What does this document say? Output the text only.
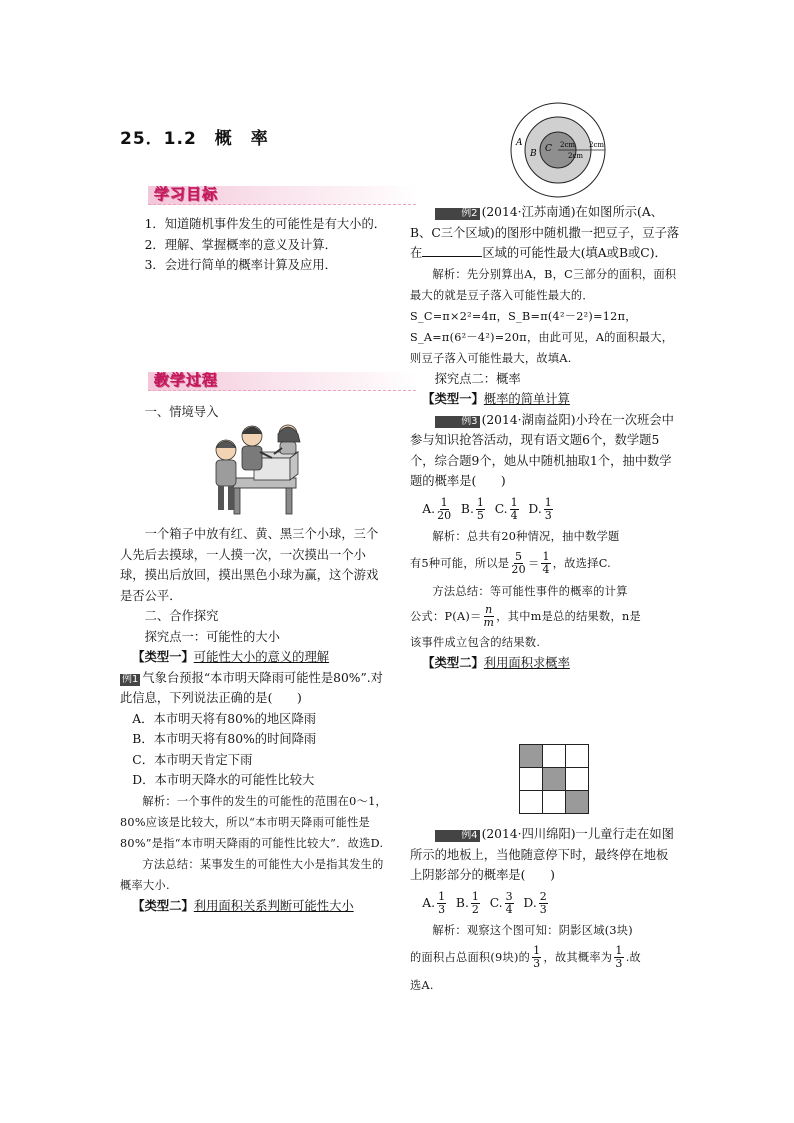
25．1.2　概　率
学习目标

1．知道随机事件发生的可能性是有大小的．

2．理解、掌握概率的意义及计算．

3．会进行简单的概率计算及应用．

教学过程

一、情境导入

一个箱子中放有红、黄、黑三个小球，三个人先后去摸球，一人摸一次，一次摸出一个小球，摸出后放回，摸出黑色小球为赢，这个游戏是否公平．

二、合作探究

探究点一：可能性的大小

【类型一】可能性大小的意义的理解

例1 气象台预报“本市明天降雨可能性是80%”.对此信息，下列说法正确的是(　　)

A．本市明天将有80%的地区降雨

B．本市明天将有80%的时间降雨

C．本市明天肯定下雨

D．本市明天降水的可能性比较大

解析：一个事件的发生的可能性的范围在0～1，80%应该是比较大，所以“本市明天降雨可能性是80%”是指“本市明天降雨的可能性比较大”．故选D.

方法总结：某事发生的可能性大小是指其发生的概率大小.

【类型二】利用面积关系判断可能性大小

A
B C 2cm
2cm
2cm

例2 (2014·江苏南通)在如图所示(A、B、C三个区域)的图形中随机撒一把豆子，豆子落在	区域的可能性最大(填A或B或C)．

解析：先分别算出A，B，C三部分的面积，面积最大的就是豆子落入可能性最大的．S_C=π×2²=4π，S_B=π(4²－2²)=12π，S_A=π(6²－4²)=20π，由此可见，A的面积最大，则豆子落入可能性最大，故填A.

探究点二：概率

【类型一】概率的简单计算

例3 (2014·湖南益阳)小玲在一次班会中参与知识抢答活动，现有语文题6个，数学题5个，综合题9个，她从中随机抽取1个，抽中数学题的概率是(　　)

A. $\frac{1}{20} B$. $\frac{1}{5} C$. $\frac{1}{4} D$. $\frac{1}{3}$

解析：总共有20种情况，抽中数学题

有5种可能，所以是 $\frac{5}{20} = \frac{1}{4}$ ，故选择C.

方法总结：等可能性事件的概率的计算

公式：$P(A)= \frac{n}{m}$ ，其中m是总的结果数，n是

该事件成立包含的结果数.

【类型二】利用面积求概率

例4 (2014·四川绵阳)一儿童行走在如图所示的地板上，当他随意停下时，最终停在地板上阴影部分的概率是(　　)

A. $\frac{1}{3} B$. $\frac{1}{2} C$. $\frac{3}{4} D$. $\frac{2}{3}$

解析：观察这个图可知：阴影区域(3块)

的面积占总面积(9块)的 $\frac{1}{3}$ ，故其概率为 $\frac{1}{3}$ .故

选A.
